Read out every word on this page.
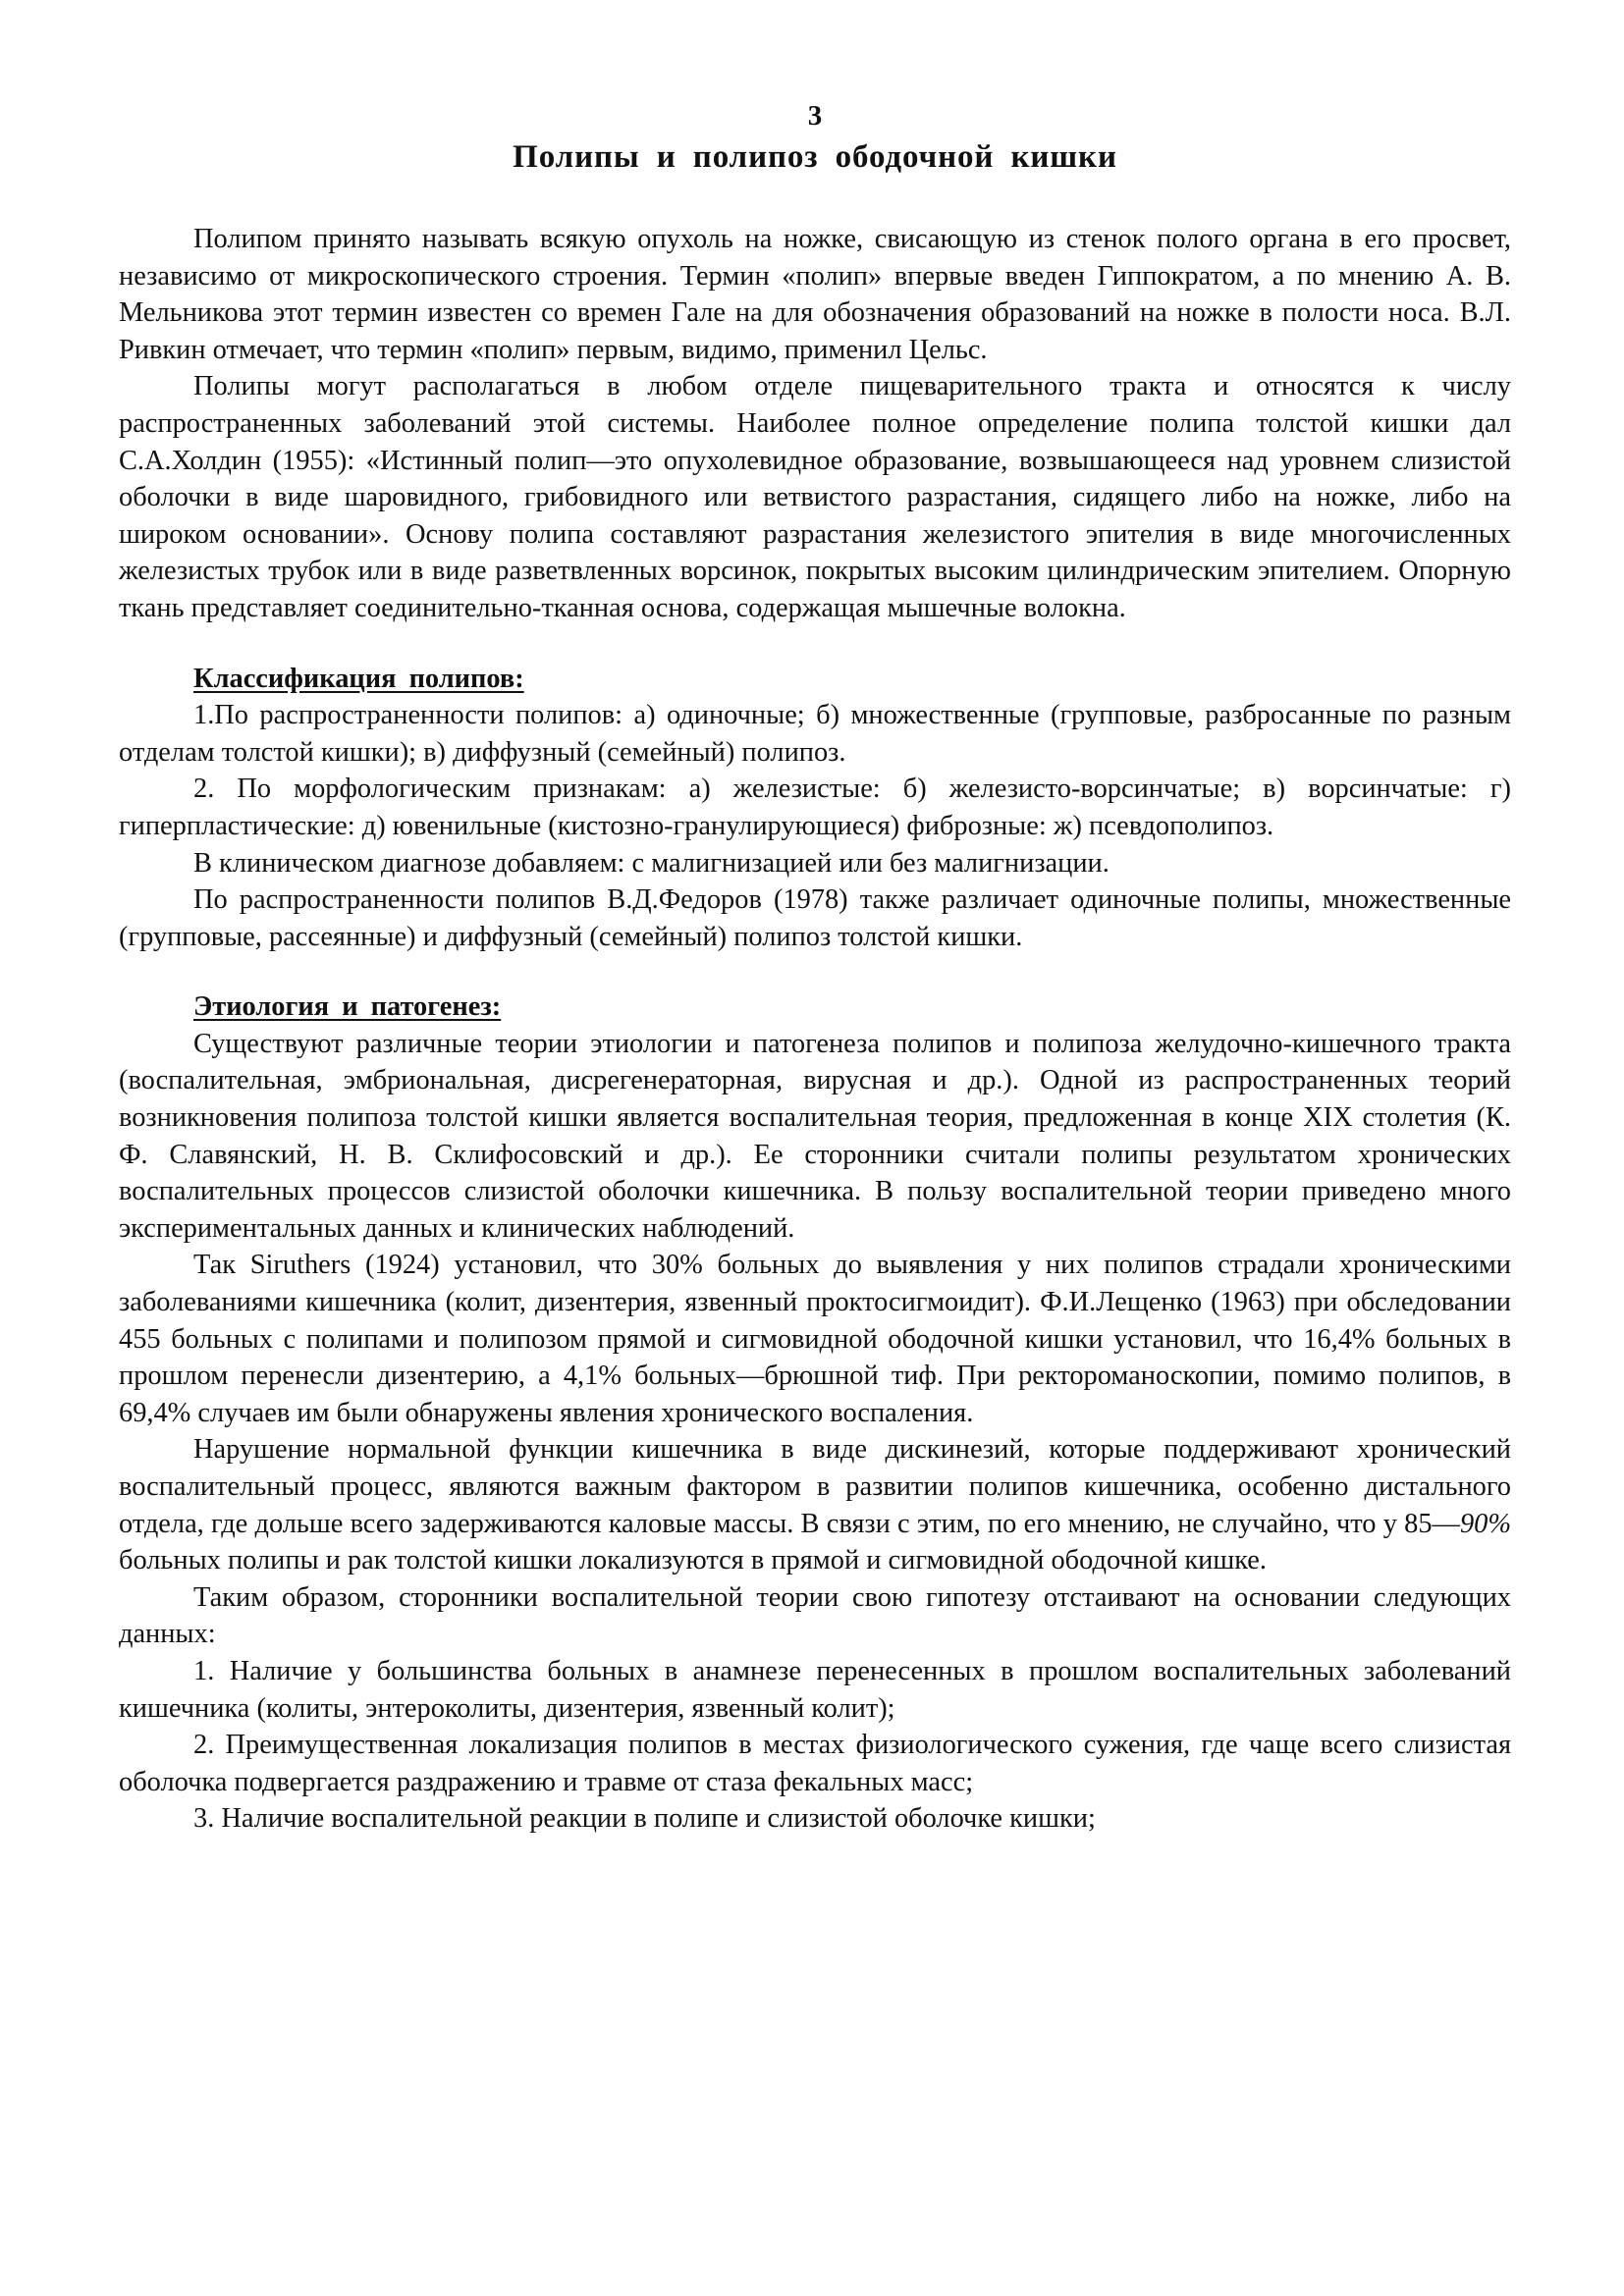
3

Полипы и полипоз ободочной кишки

Полипом принято называть всякую опухоль на ножке, свисающую из стенок полого органа в его просвет, независимо от микроскопического строения. Термин «полип» впервые введен Гиппократом, а по мнению А. В. Мельникова этот термин известен со времен Гале на для обозначения образований на ножке в полости носа. В.Л. Ривкин отмечает, что термин «полип» первым, видимо, применил Цельс.

Полипы могут располагаться в любом отделе пищеварительного тракта и относятся к числу распространенных заболеваний этой системы. Наиболее полное определение полипа толстой кишки дал С.А.Холдин (1955): «Истинный полип—это опухолевидное образование, возвышающееся над уровнем слизистой оболочки в виде шаровидного, грибовидного или ветвистого разрастания, сидящего либо на ножке, либо на широком основании». Основу полипа составляют разрастания железистого эпителия в виде многочисленных железистых трубок или в виде разветвленных ворсинок, покрытых высоким цилиндрическим эпителием. Опорную ткань представляет соединительно-тканная основа, содержащая мышечные волокна.

Классификация полипов:

1.По распространенности полипов: а) одиночные; б) множественные (групповые, разбросанные по разным отделам толстой кишки); в) диффузный (семейный) полипоз.

2. По морфологическим признакам: а) железистые: б) железисто-ворсинчатые; в) ворсинчатые: г) гиперпластические: д) ювенильные (кистозно-гранулирующиеся) фиброзные: ж) псевдополипоз.

В клиническом диагнозе добавляем: с малигнизацией или без малигнизации.

По распространенности полипов В.Д.Федоров (1978) также различает одиночные полипы, множественные (групповые, рассеянные) и диффузный (семейный) полипоз толстой кишки.

Этиология и патогенез:

Существуют различные теории этиологии и патогенеза полипов и полипоза желудочно-кишечного тракта (воспалительная, эмбриональная, дисрегенераторная, вирусная и др.). Одной из распространенных теорий возникновения полипоза толстой кишки является воспалительная теория, предложенная в конце XIX столетия (К. Ф. Славянский, Н. В. Склифосовский и др.). Ее сторонники считали полипы результатом хронических воспалительных процессов слизистой оболочки кишечника. В пользу воспалительной теории приведено много экспериментальных данных и клинических наблюдений.

Так Siruthers (1924) установил, что 30% больных до выявления у них полипов страдали хроническими заболеваниями кишечника (колит, дизентерия, язвенный проктосигмоидит). Ф.И.Лещенко (1963) при обследовании 455 больных с полипами и полипозом прямой и сигмовидной ободочной кишки установил, что 16,4% больных в прошлом перенесли дизентерию, а 4,1% больных—брюшной тиф. При ректороманоскопии, помимо полипов, в 69,4% случаев им были обнаружены явления хронического воспаления.

Нарушение нормальной функции кишечника в виде дискинезий, которые поддерживают хронический воспалительный процесс, являются важным фактором в развитии полипов кишечника, особенно дистального отдела, где дольше всего задерживаются каловые массы. В связи с этим, по его мнению, не случайно, что у 85—90% больных полипы и рак толстой кишки локализуются в прямой и сигмовидной ободочной кишке.

Таким образом, сторонники воспалительной теории свою гипотезу отстаивают на основании следующих данных:

1. Наличие у большинства больных в анамнезе перенесенных в прошлом воспалительных заболеваний кишечника (колиты, энтероколиты, дизентерия, язвенный колит);

2. Преимущественная локализация полипов в местах физиологического сужения, где чаще всего слизистая оболочка подвергается раздражению и травме от стаза фекальных масс;

3. Наличие воспалительной реакции в полипе и слизистой оболочке кишки;
